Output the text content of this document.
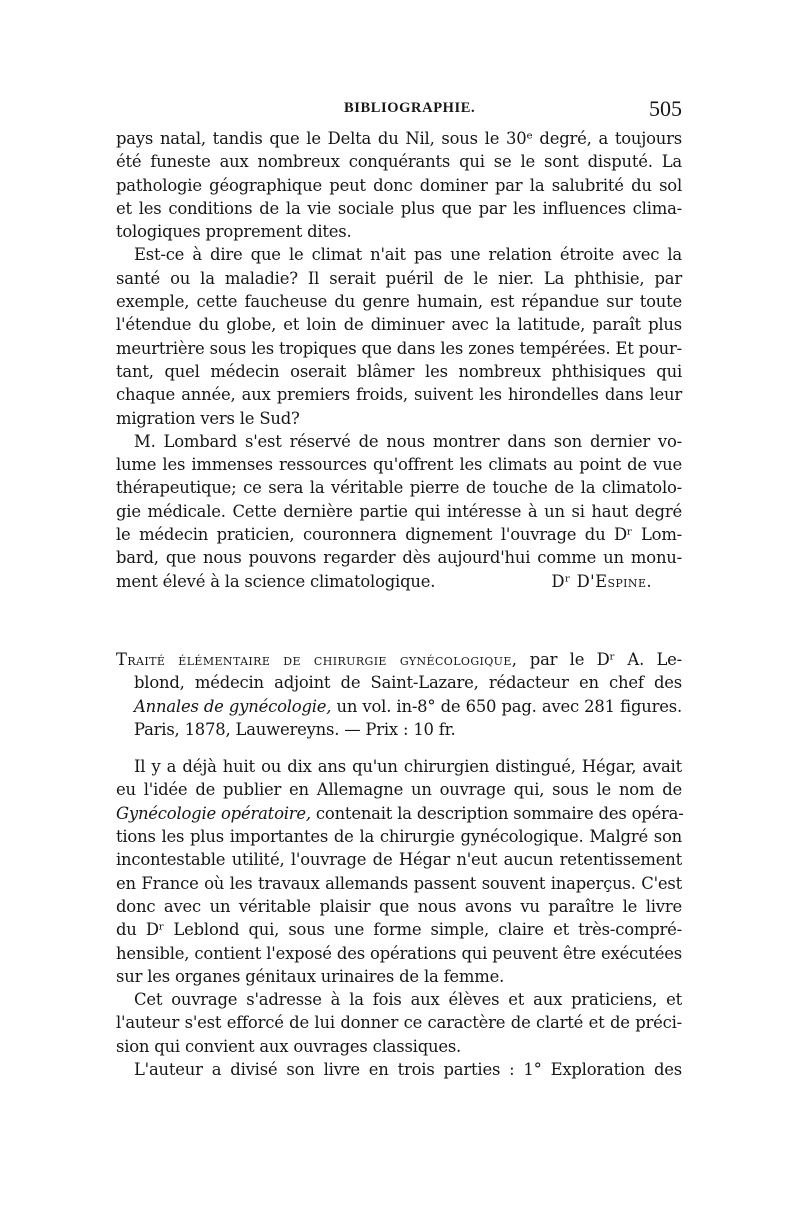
BIBLIOGRAPHIE.	505
pays natal, tandis que le Delta du Nil, sous le 30ᵉ degré, a toujours
été funeste aux nombreux conquérants qui se le sont disputé. La
pathologie géographique peut donc dominer par la salubrité du sol
et les conditions de la vie sociale plus que par les influences clima-
tologiques proprement dites.
Est-ce à dire que le climat n'ait pas une relation étroite avec la
santé ou la maladie? Il serait puéril de le nier. La phthisie, par
exemple, cette faucheuse du genre humain, est répandue sur toute
l'étendue du globe, et loin de diminuer avec la latitude, paraît plus
meurtrière sous les tropiques que dans les zones tempérées. Et pour-
tant, quel médecin oserait blâmer les nombreux phthisiques qui
chaque année, aux premiers froids, suivent les hirondelles dans leur
migration vers le Sud?
M. Lombard s'est réservé de nous montrer dans son dernier vo-
lume les immenses ressources qu'offrent les climats au point de vue
thérapeutique; ce sera la véritable pierre de touche de la climatolo-
gie médicale. Cette dernière partie qui intéresse à un si haut degré
le médecin praticien, couronnera dignement l'ouvrage du Dʳ Lom-
bard, que nous pouvons regarder dès aujourd'hui comme un monu-
ment élevé à la science climatologique.	Dʳ D'Espine.
Traité élémentaire de chirurgie gynécologique, par le Dʳ A. Le-
blond, médecin adjoint de Saint-Lazare, rédacteur en chef des
Annales de gynécologie, un vol. in-8° de 650 pag. avec 281 figures.
Paris, 1878, Lauwereyns. — Prix : 10 fr.
Il y a déjà huit ou dix ans qu'un chirurgien distingué, Hégar, avait
eu l'idée de publier en Allemagne un ouvrage qui, sous le nom de
Gynécologie opératoire, contenait la description sommaire des opéra-
tions les plus importantes de la chirurgie gynécologique. Malgré son
incontestable utilité, l'ouvrage de Hégar n'eut aucun retentissement
en France où les travaux allemands passent souvent inaperçus. C'est
donc avec un véritable plaisir que nous avons vu paraître le livre
du Dʳ Leblond qui, sous une forme simple, claire et très-compré-
hensible, contient l'exposé des opérations qui peuvent être exécutées
sur les organes génitaux urinaires de la femme.
Cet ouvrage s'adresse à la fois aux élèves et aux praticiens, et
l'auteur s'est efforcé de lui donner ce caractère de clarté et de préci-
sion qui convient aux ouvrages classiques.
L'auteur a divisé son livre en trois parties : 1° Exploration des
